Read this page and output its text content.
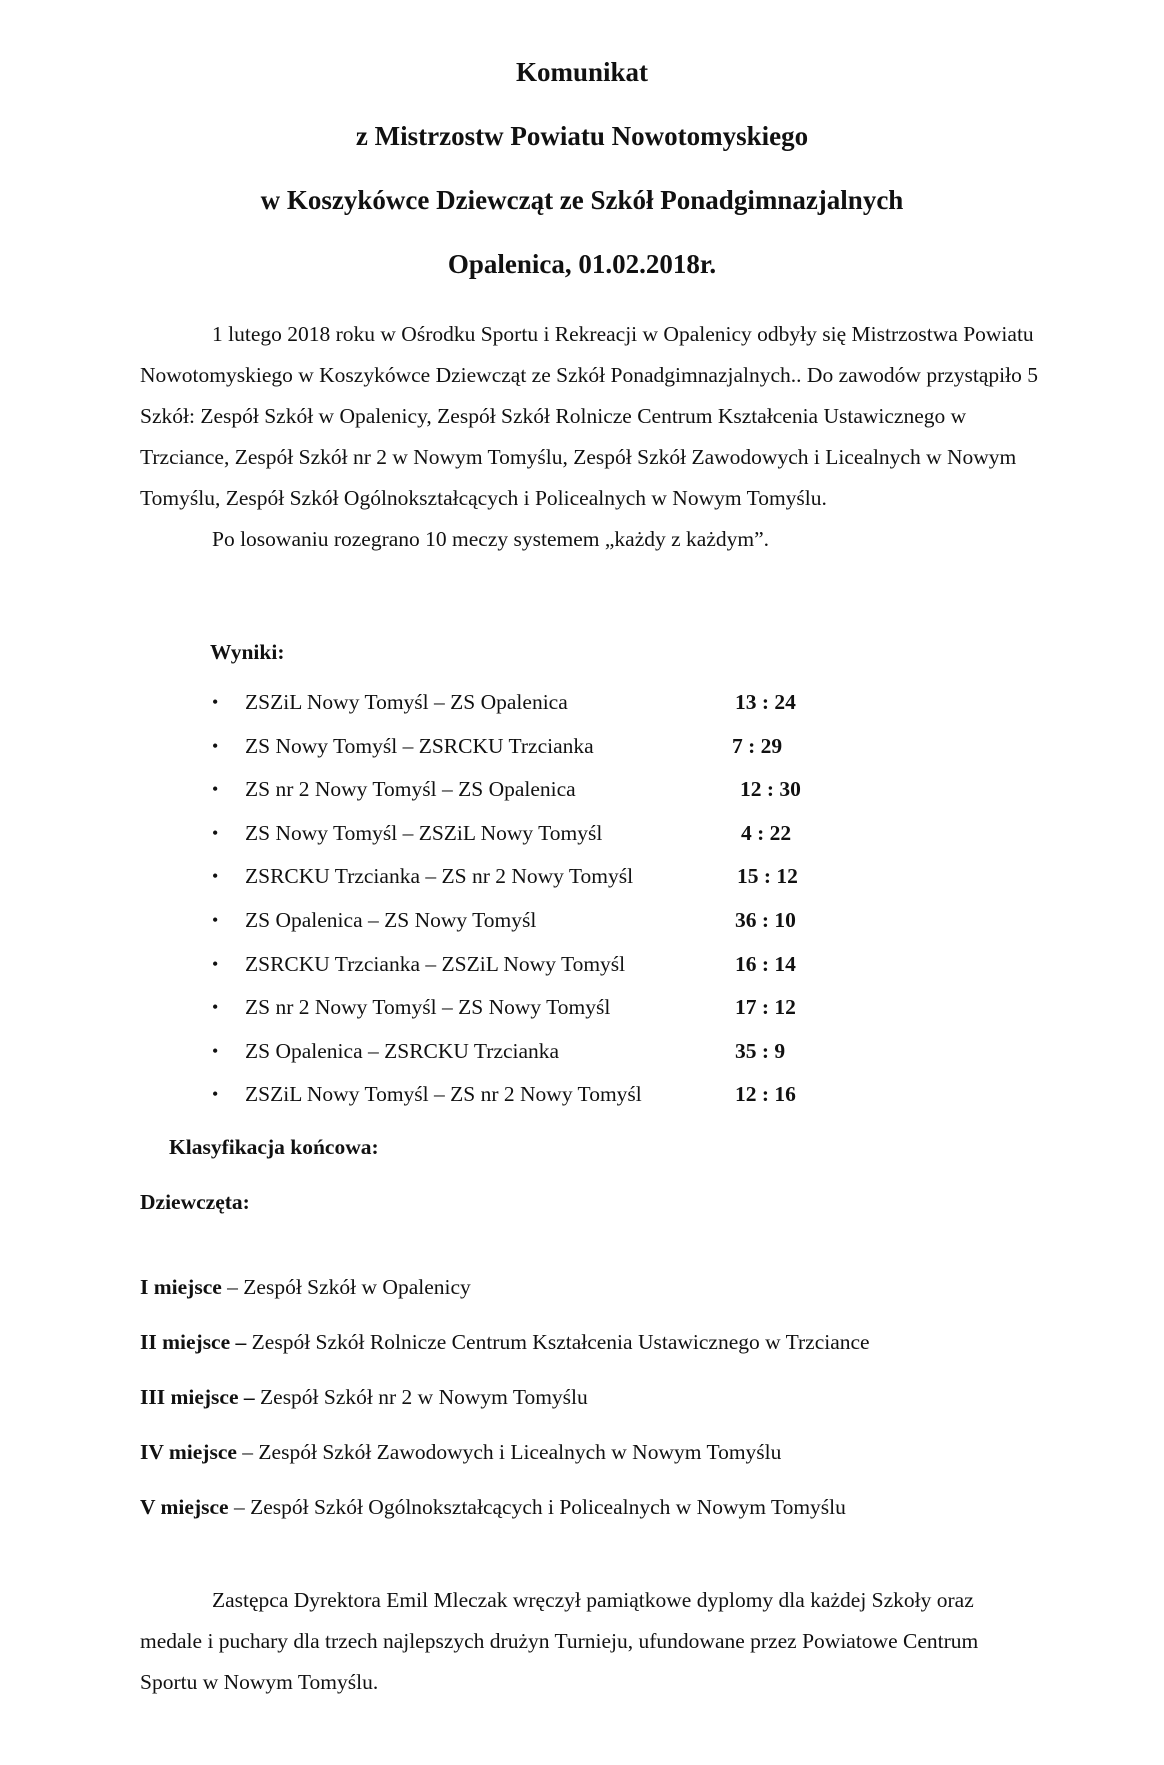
Komunikat
z Mistrzostw Powiatu Nowotomyskiego
w Koszykówce Dziewcząt ze Szkół Ponadgimnazjalnych
Opalenica, 01.02.2018r.

1 lutego 2018 roku w Ośrodku Sportu i Rekreacji w Opalenicy odbyły się Mistrzostwa Powiatu Nowotomyskiego w Koszykówce Dziewcząt ze Szkół Ponadgimnazjalnych.. Do zawodów przystąpiło 5 Szkół: Zespół Szkół w Opalenicy, Zespół Szkół Rolnicze Centrum Kształcenia Ustawicznego w Trzciance, Zespół Szkół nr 2 w Nowym Tomyślu, Zespół Szkół Zawodowych i Licealnych w Nowym Tomyślu, Zespół Szkół Ogólnokształcących i Policealnych w Nowym Tomyślu.

Po losowaniu rozegrano 10 meczy systemem „każdy z każdym”.

Wyniki:
• ZSZiL Nowy Tomyśl – ZS Opalenica	13 : 24
• ZS Nowy Tomyśl – ZSRCKU Trzcianka	7 : 29
• ZS nr 2 Nowy Tomyśl – ZS Opalenica	12 : 30
• ZS Nowy Tomyśl – ZSZiL Nowy Tomyśl	4 : 22
• ZSRCKU Trzcianka – ZS nr 2 Nowy Tomyśl	15 : 12
• ZS Opalenica – ZS Nowy Tomyśl	36 : 10
• ZSRCKU Trzcianka – ZSZiL Nowy Tomyśl	16 : 14
• ZS nr 2 Nowy Tomyśl – ZS Nowy Tomyśl	17 : 12
• ZS Opalenica – ZSRCKU Trzcianka	35 : 9
• ZSZiL Nowy Tomyśl – ZS nr 2 Nowy Tomyśl	12 : 16
Klasyfikacja końcowa:
Dziewczęta:
I miejsce – Zespół Szkół w Opalenicy
II miejsce – Zespół Szkół Rolnicze Centrum Kształcenia Ustawicznego w Trzciance
III miejsce – Zespół Szkół nr 2 w Nowym Tomyślu
IV miejsce – Zespół Szkół Zawodowych i Licealnych w Nowym Tomyślu
V miejsce – Zespół Szkół Ogólnokształcących i Policealnych w Nowym Tomyślu

Zastępca Dyrektora Emil Mleczak wręczył pamiątkowe dyplomy dla każdej Szkoły oraz medale i puchary dla trzech najlepszych drużyn Turnieju, ufundowane przez Powiatowe Centrum Sportu w Nowym Tomyślu.
